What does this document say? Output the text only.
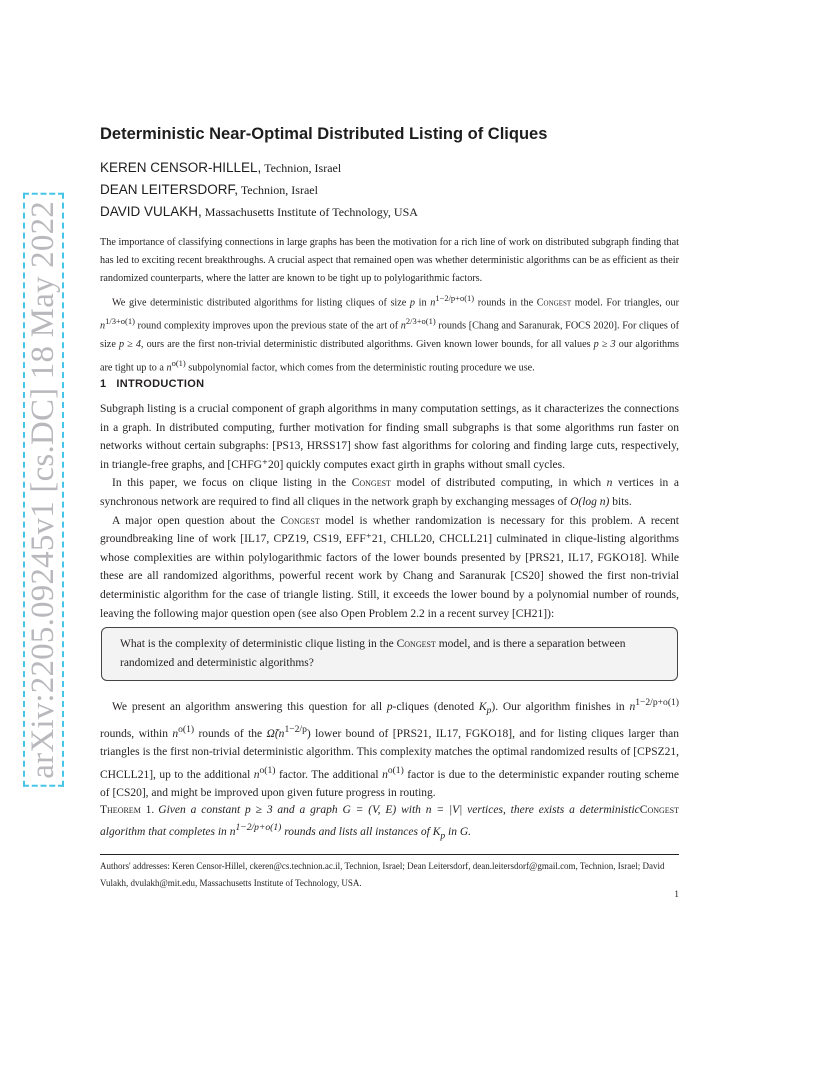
arXiv:2205.09245v1 [cs.DC] 18 May 2022
Deterministic Near-Optimal Distributed Listing of Cliques

KEREN CENSOR-HILLEL, Technion, Israel

DEAN LEITERSDORF, Technion, Israel

DAVID VULAKH, Massachusetts Institute of Technology, USA

The importance of classifying connections in large graphs has been the motivation for a rich line of work on distributed subgraph finding that has led to exciting recent breakthroughs. A crucial aspect that remained open was whether deterministic algorithms can be as efficient as their randomized counterparts, where the latter are known to be tight up to polylogarithmic factors.

We give deterministic distributed algorithms for listing cliques of size p in $n^{1-2/p+o(1)}$ rounds in the Congest model. For triangles, our $n^{1/3+o(1)}$ round complexity improves upon the previous state of the art of $n^{2/3+o(1)}$ rounds [Chang and Saranurak, FOCS 2020]. For cliques of size p ≥ 4, ours are the first non-trivial deterministic distributed algorithms. Given known lower bounds, for all values p ≥ 3 our algorithms are tight up to a $n^{o(1)}$ subpolynomial factor, which comes from the deterministic routing procedure we use.

1 INTRODUCTION

Subgraph listing is a crucial component of graph algorithms in many computation settings, as it characterizes the connections in a graph. In distributed computing, further motivation for finding small subgraphs is that some algorithms run faster on networks without certain subgraphs: [PS13, HRSS17] show fast algorithms for coloring and finding large cuts, respectively, in triangle-free graphs, and [CHFG⁺20] quickly computes exact girth in graphs without small cycles.

In this paper, we focus on clique listing in the Congest model of distributed computing, in which n vertices in a synchronous network are required to find all cliques in the network graph by exchanging messages of O(log n) bits.

A major open question about the Congest model is whether randomization is necessary for this problem. A recent groundbreaking line of work [IL17, CPZ19, CS19, EFF⁺21, CHLL20, CHCLL21] culminated in clique-listing algorithms whose complexities are within polylogarithmic factors of the lower bounds presented by [PRS21, IL17, FGKO18]. While these are all randomized algorithms, powerful recent work by Chang and Saranurak [CS20] showed the first non-trivial deterministic algorithm for the case of triangle listing. Still, it exceeds the lower bound by a polynomial number of rounds, leaving the following major question open (see also Open Problem 2.2 in a recent survey [CH21]):

What is the complexity of deterministic clique listing in the Congest model, and is there a separation between randomized and deterministic algorithms?

We present an algorithm answering this question for all p-cliques (denoted $K_p$). Our algorithm finishes in $n^{1-2/p+o(1)}$ rounds, within $n^{o(1)}$ rounds of the $\Omegã(n^{1-2/p})$ lower bound of [PRS21, IL17, FGKO18], and for listing cliques larger than triangles is the first non-trivial deterministic algorithm. This complexity matches the optimal randomized results of [CPSZ21, CHCLL21], up to the additional $n^{o(1)}$ factor. The additional $n^{o(1)}$ factor is due to the deterministic expander routing scheme of [CS20], and might be improved upon given future progress in routing.

Theorem 1. Given a constant p ≥ 3 and a graph G = (V, E) with n = |V| vertices, there exists a deterministicCongest algorithm that completes in $n^{1-2/p+o(1)}$ rounds and lists all instances of $K_p$ in G.

Authors' addresses: Keren Censor-Hillel, ckeren@cs.technion.ac.il, Technion, Israel; Dean Leitersdorf, dean.leitersdorf@gmail.com, Technion, Israel; David Vulakh, dvulakh@mit.edu, Massachusetts Institute of Technology, USA.

1
